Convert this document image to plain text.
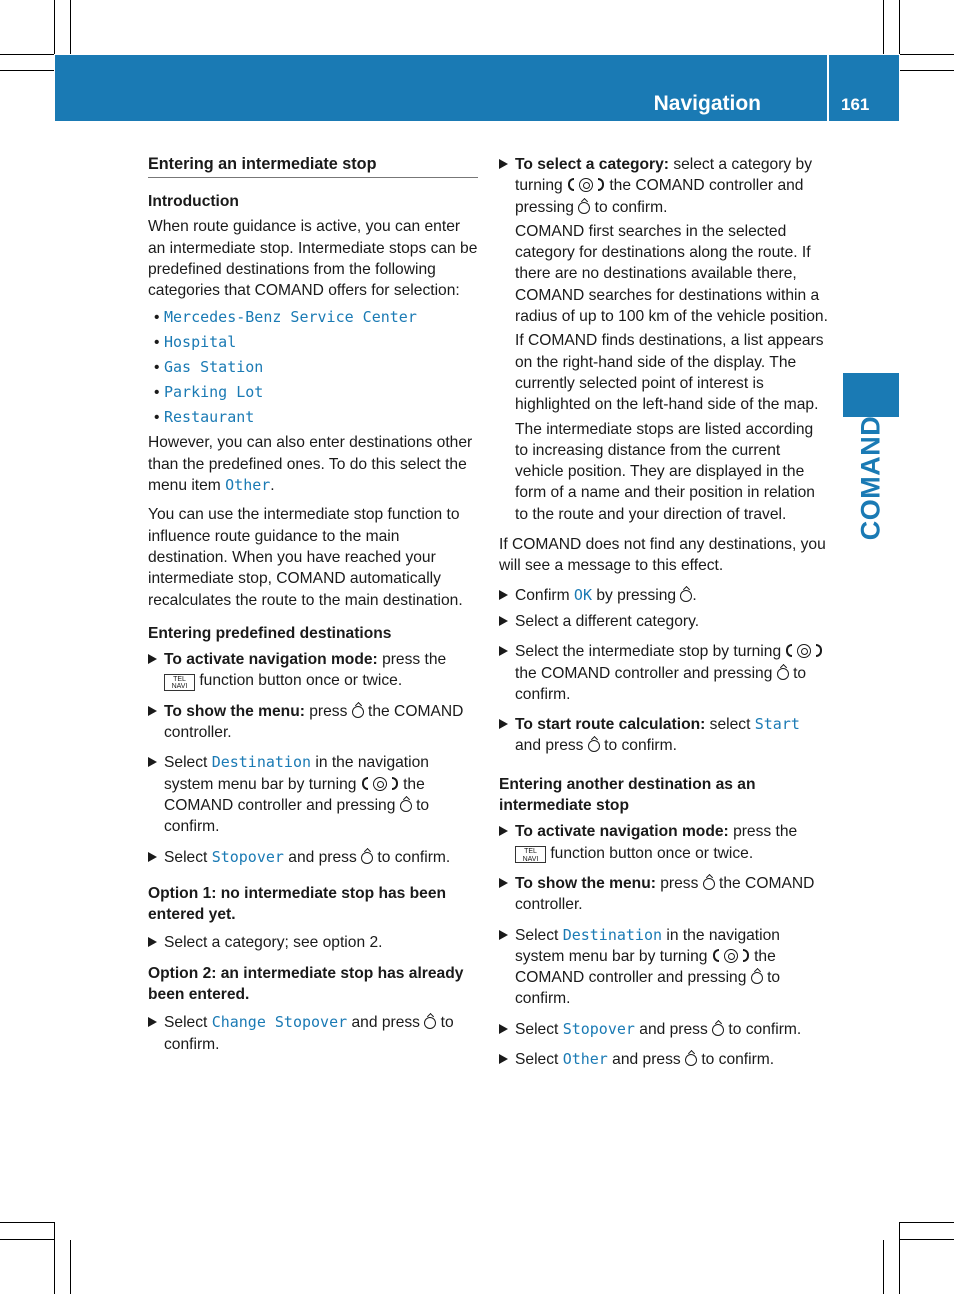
Navigation	161
COMAND
Entering an intermediate stop
Introduction

When route guidance is active, you can enter an intermediate stop. Intermediate stops can be predefined destinations from the following categories that COMAND offers for selection:

• Mercedes-Benz Service Center
• Hospital
• Gas Station
• Parking Lot
• Restaurant

However, you can also enter destinations other than the predefined ones. To do this select the menu item Other.

You can use the intermediate stop function to influence route guidance to the main destination. When you have reached your intermediate stop, COMAND automatically recalculates the route to the main destination.

Entering predefined destinations
To activate navigation mode: press the TEL
NAVI function button once or twice.
To show the menu: press  the COMAND controller.
Select Destination in the navigation system menu bar by turning
the COMAND controller and pressing  to confirm.
Select Stopover and press  to confirm.
Option 1: no intermediate stop has been entered yet.
Select a category; see option 2.
Option 2: an intermediate stop has already been entered.
Select Change Stopover and press  to confirm.
To select a category: select a category by turning
the COMAND controller and pressing  to confirm.

COMAND first searches in the selected category for destinations along the route. If there are no destinations available there, COMAND searches for destinations within a radius of up to 100 km of the vehicle position.

If COMAND finds destinations, a list appears on the right-hand side of the display. The currently selected point of interest is highlighted on the left-hand side of the map.

The intermediate stops are listed according to increasing distance from the current vehicle position. They are displayed in the form of a name and their position in relation to the route and your direction of travel.

If COMAND does not find any destinations, you will see a message to this effect.

Confirm OK by pressing .
Select a different category.
Select the intermediate stop by turning
the COMAND controller and pressing  to confirm.
To start route calculation: select Start and press  to confirm.
Entering another destination as an intermediate stop
To activate navigation mode: press the TEL
NAVI function button once or twice.
To show the menu: press  the COMAND controller.
Select Destination in the navigation system menu bar by turning
the COMAND controller and pressing  to confirm.
Select Stopover and press  to confirm.
Select Other and press  to confirm.
